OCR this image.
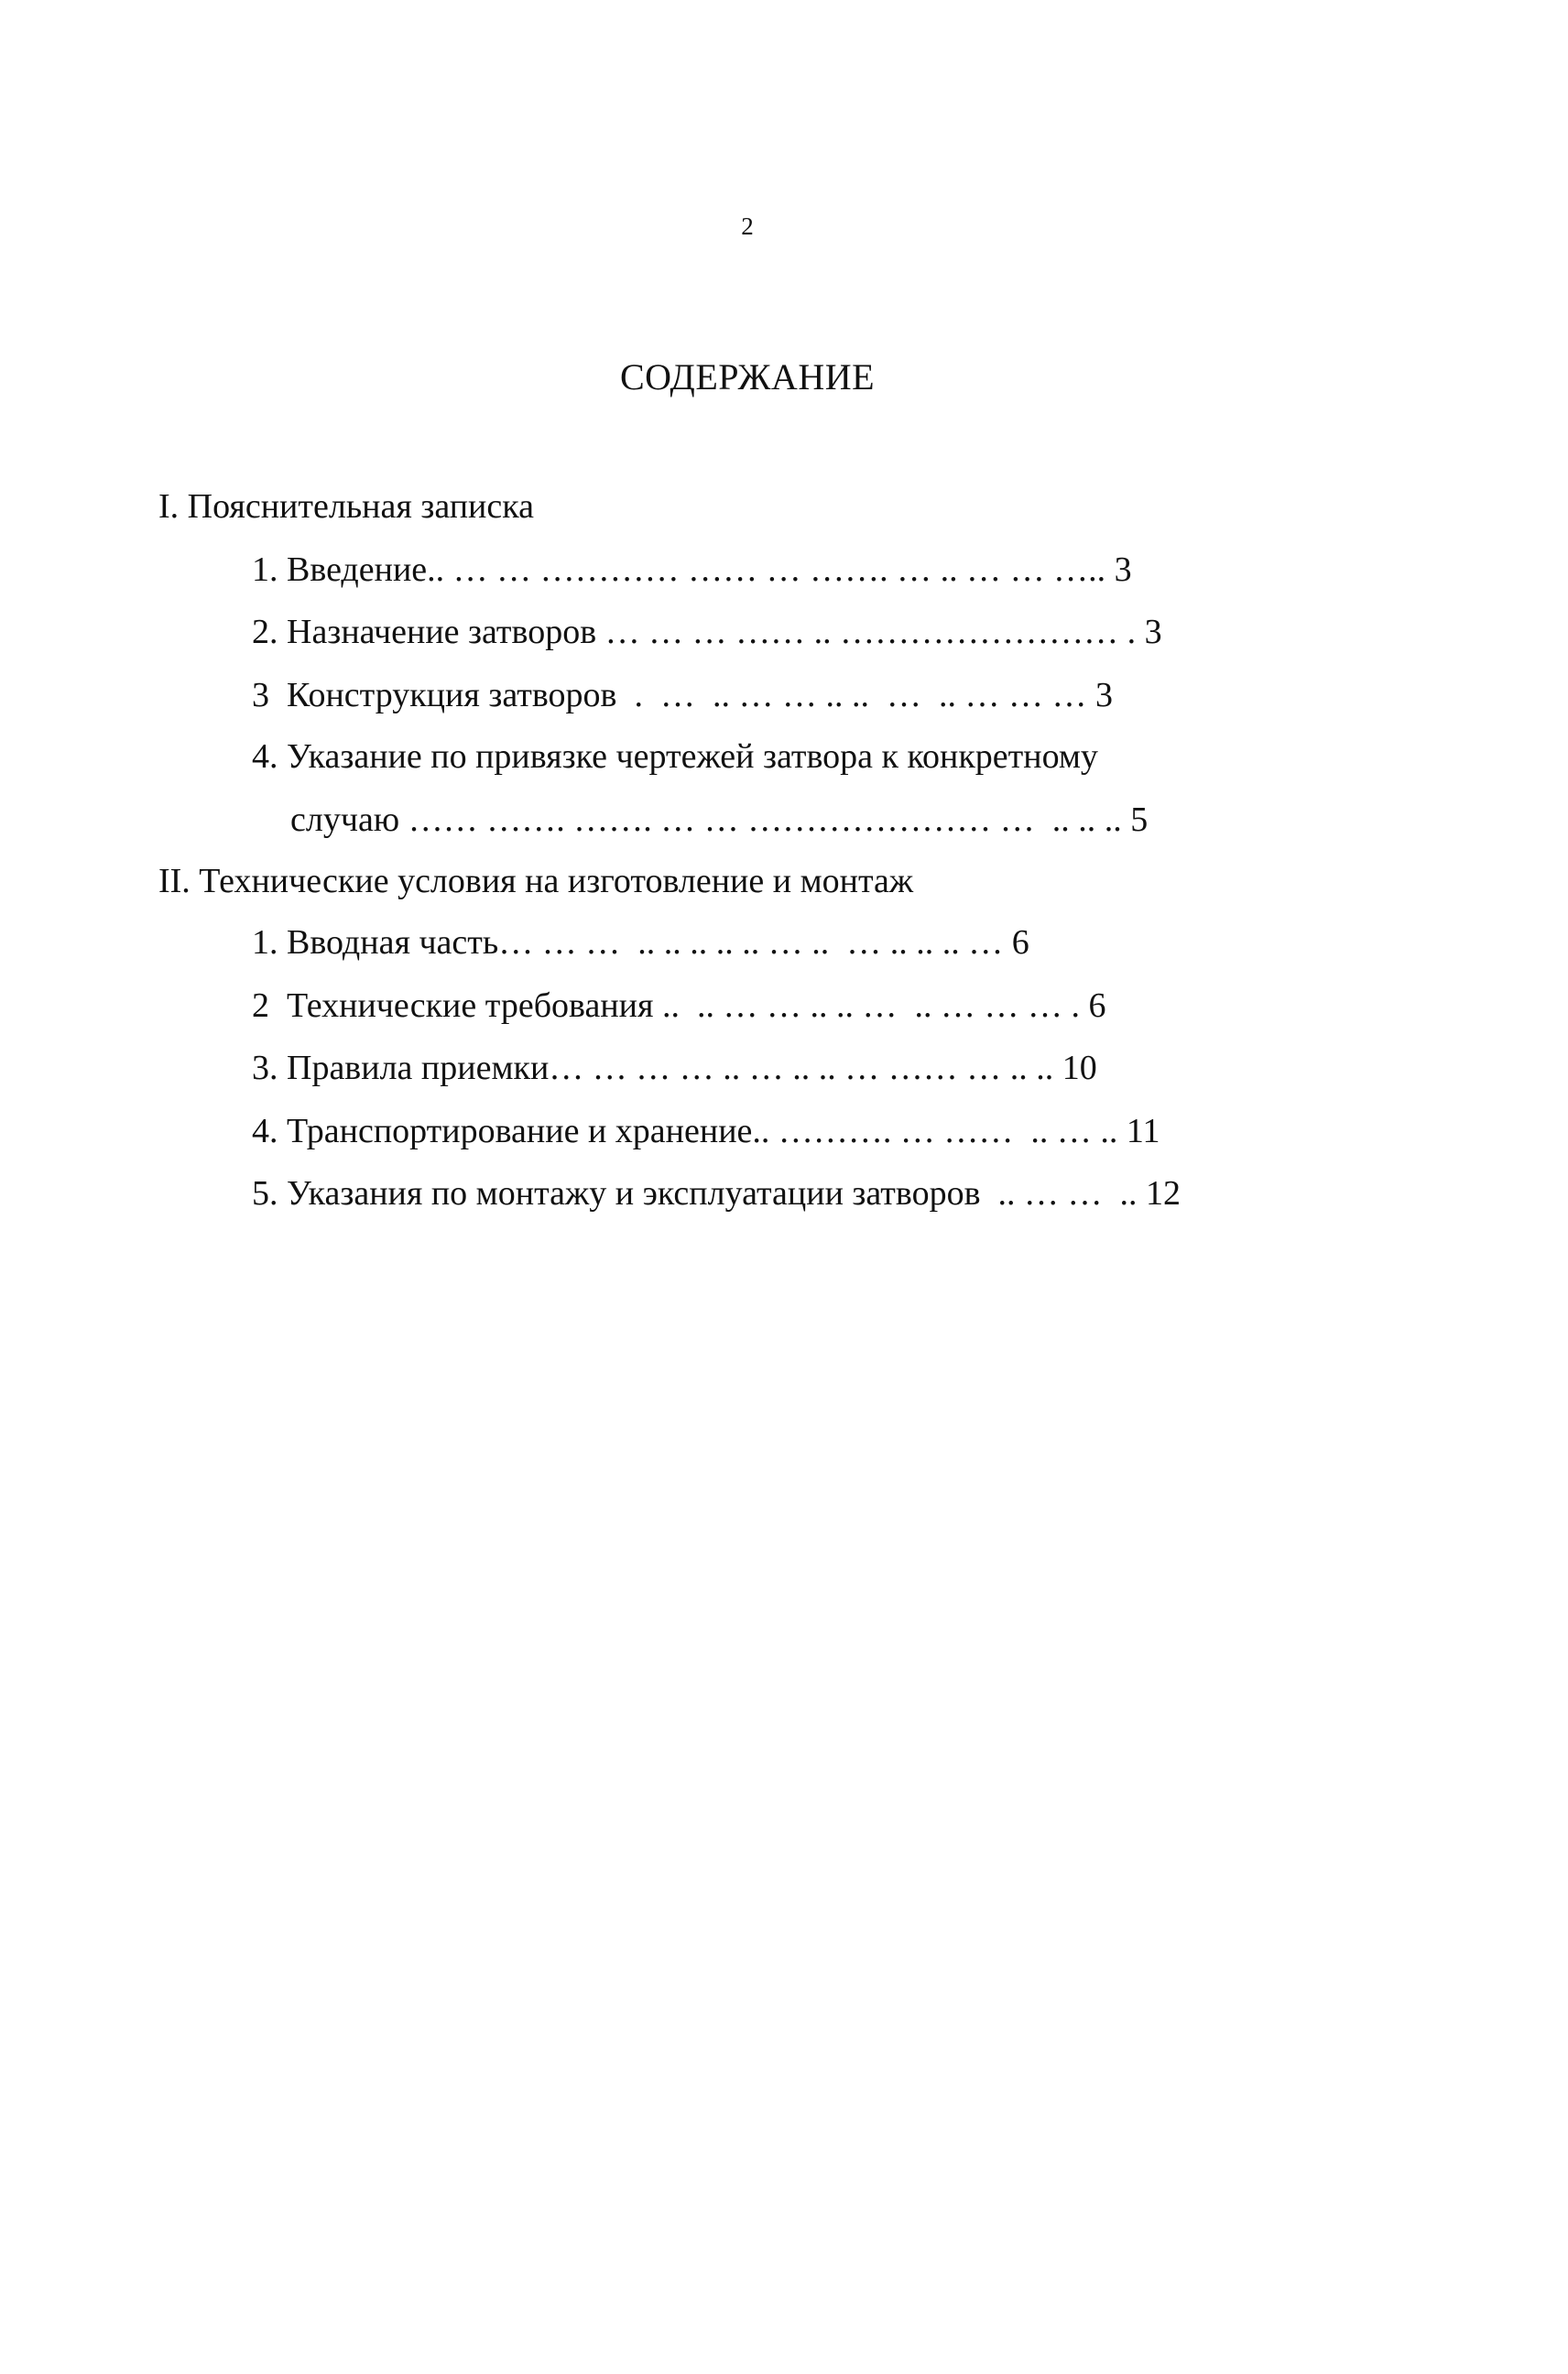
2
СОДЕРЖАНИЕ
I. Пояснительная записка
1. Введение.. … … ………… …… … ……. … .. … … ….. 3
2. Назначение затворов … … … …… .. …………………… . 3
3  Конструкция затворов  .  …  .. … … .. ..  …  .. … … … 3
4. Указание по привязке чертежей затвора к конкретному
случаю …… ……. ……. … … ………………… …  .. .. .. 5
II. Технические условия на изготовление и монтаж
1. Вводная часть… … …  .. .. .. .. .. … ..  … .. .. .. … 6
2  Технические требования ..  .. … … .. .. …  .. … … … . 6
3. Правила приемки… … … … .. … .. .. … …… … .. .. 10
4. Транспортирование и хранение.. ………. … ……  .. … .. 11
5. Указания по монтажу и эксплуатации затворов  .. … …  .. 12
